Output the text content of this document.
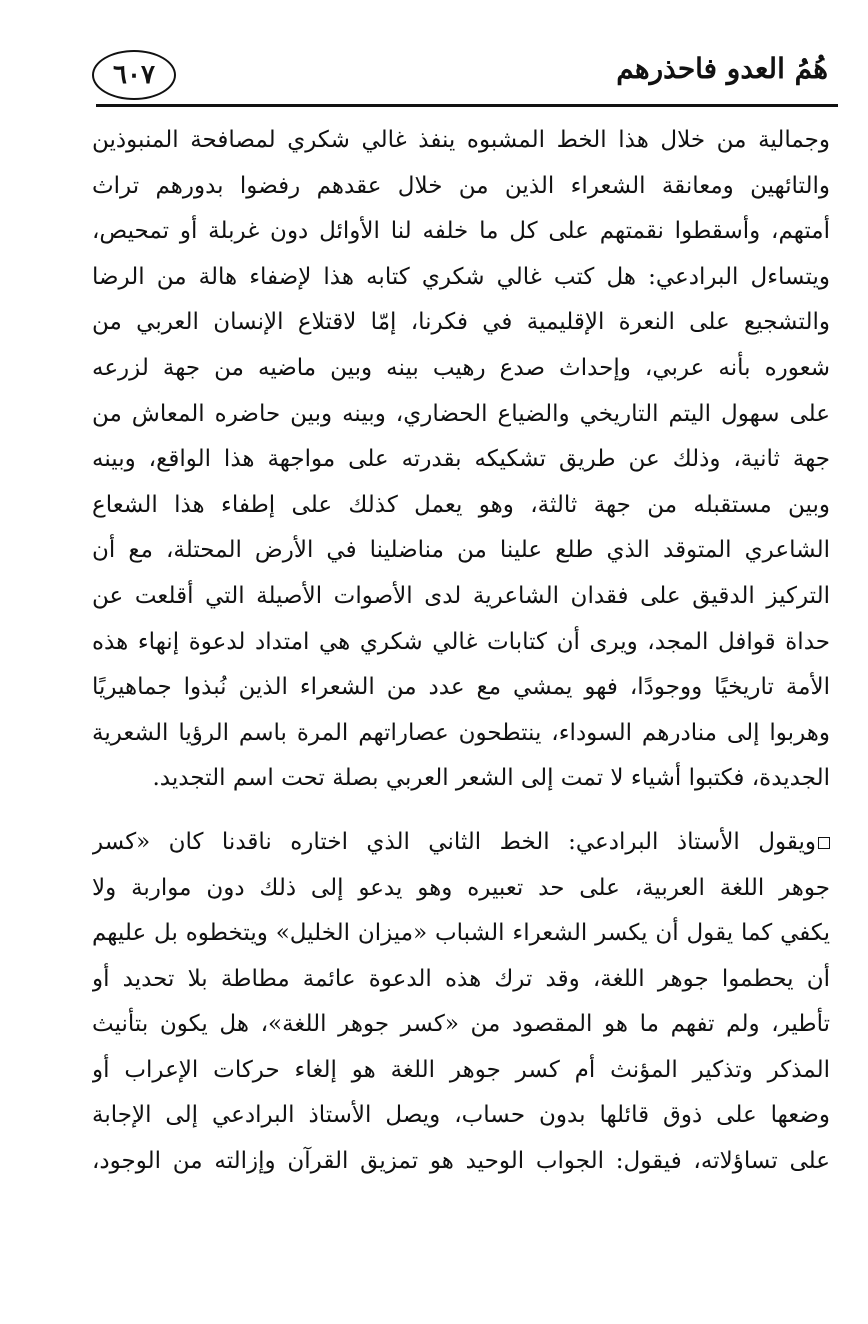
٦٠٧	هُمُ العدو فاحذرهم
وجمالية من خلال هذا الخط المشبوه ينفذ غالي شكري لمصافحة المنبوذين
والتائهين ومعانقة الشعراء الذين من خلال عقدهم رفضوا بدورهم تراث
أمتهم، وأسقطوا نقمتهم على كل ما خلفه لنا الأوائل دون غربلة أو تمحيص،
ويتساءل البرادعي: هل كتب غالي شكري كتابه هذا لإضفاء هالة من الرضا
والتشجيع على النعرة الإقليمية في فكرنا، إمّا لاقتلاع الإنسان العربي من
شعوره بأنه عربي، وإحداث صدع رهيب بينه وبين ماضيه من جهة لزرعه
على سهول اليتم التاريخي والضياع الحضاري، وبينه وبين حاضره المعاش من
جهة ثانية، وذلك عن طريق تشكيكه بقدرته على مواجهة هذا الواقع، وبينه
وبين مستقبله من جهة ثالثة، وهو يعمل كذلك على إطفاء هذا الشعاع
الشاعري المتوقد الذي طلع علينا من مناضلينا في الأرض المحتلة، مع أن
التركيز الدقيق على فقدان الشاعرية لدى الأصوات الأصيلة التي أقلعت عن
حداة قوافل المجد، ويرى أن كتابات غالي شكري هي امتداد لدعوة إنهاء هذه
الأمة تاريخيًا ووجودًا، فهو يمشي مع عدد من الشعراء الذين نُبذوا جماهيريًا
وهربوا إلى منادرهم السوداء، ينتطحون عصاراتهم المرة باسم الرؤيا الشعرية
الجديدة، فكتبوا أشياء لا تمت إلى الشعر العربي بصلة تحت اسم التجديد.
ويقول الأستاذ البرادعي: الخط الثاني الذي اختاره ناقدنا كان «كسر
جوهر اللغة العربية، على حد تعبيره وهو يدعو إلى ذلك دون مواربة ولا
يكفي كما يقول أن يكسر الشعراء الشباب «ميزان الخليل» ويتخطوه بل عليهم
أن يحطموا جوهر اللغة، وقد ترك هذه الدعوة عائمة مطاطة بلا تحديد أو
تأطير، ولم تفهم ما هو المقصود من «كسر جوهر اللغة»، هل يكون بتأنيث
المذكر وتذكير المؤنث أم كسر جوهر اللغة هو إلغاء حركات الإعراب أو
وضعها على ذوق قائلها بدون حساب، ويصل الأستاذ البرادعي إلى الإجابة
على تساؤلاته، فيقول: الجواب الوحيد هو تمزيق القرآن وإزالته من الوجود،
